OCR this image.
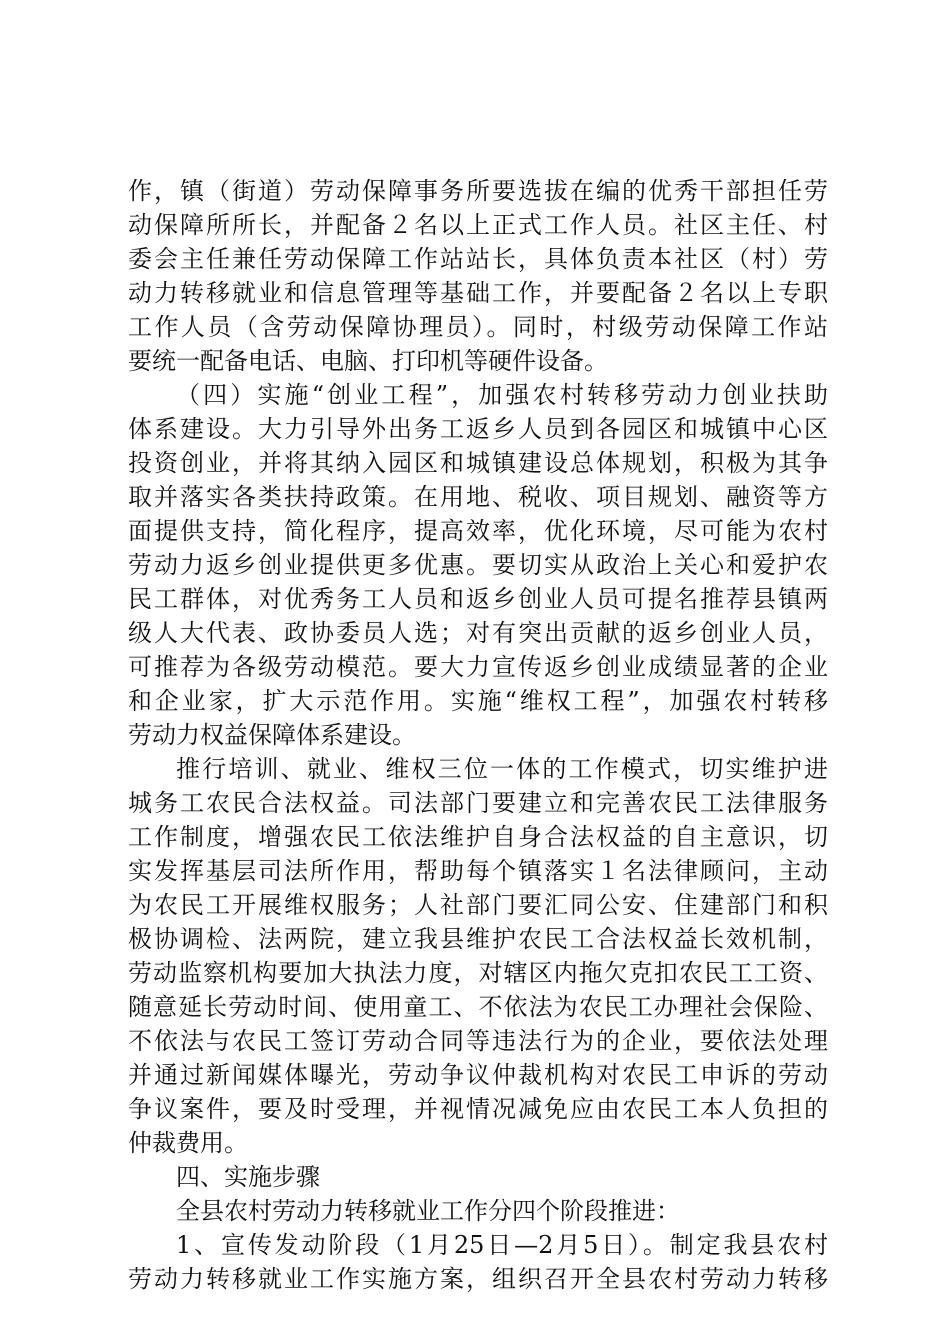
作，镇（街道）劳动保障事务所要选拔在编的优秀干部担任劳
动保障所所长，并配备２名以上正式工作人员。社区主任、村
委会主任兼任劳动保障工作站站长，具体负责本社区（村）劳
动力转移就业和信息管理等基础工作，并要配备２名以上专职
工作人员（含劳动保障协理员）。同时，村级劳动保障工作站
要统一配备电话、电脑、打印机等硬件设备。
（四）实施“创业工程”，加强农村转移劳动力创业扶助
体系建设。大力引导外出务工返乡人员到各园区和城镇中心区
投资创业，并将其纳入园区和城镇建设总体规划，积极为其争
取并落实各类扶持政策。在用地、税收、项目规划、融资等方
面提供支持，简化程序，提高效率，优化环境，尽可能为农村
劳动力返乡创业提供更多优惠。要切实从政治上关心和爱护农
民工群体，对优秀务工人员和返乡创业人员可提名推荐县镇两
级人大代表、政协委员人选；对有突出贡献的返乡创业人员，
可推荐为各级劳动模范。要大力宣传返乡创业成绩显著的企业
和企业家，扩大示范作用。实施“维权工程”，加强农村转移
劳动力权益保障体系建设。
推行培训、就业、维权三位一体的工作模式，切实维护进
城务工农民合法权益。司法部门要建立和完善农民工法律服务
工作制度，增强农民工依法维护自身合法权益的自主意识，切
实发挥基层司法所作用，帮助每个镇落实１名法律顾问，主动
为农民工开展维权服务；人社部门要汇同公安、住建部门和积
极协调检、法两院，建立我县维护农民工合法权益长效机制，
劳动监察机构要加大执法力度，对辖区内拖欠克扣农民工工资、
随意延长劳动时间、使用童工、不依法为农民工办理社会保险、
不依法与农民工签订劳动合同等违法行为的企业，要依法处理
并通过新闻媒体曝光，劳动争议仲裁机构对农民工申诉的劳动
争议案件，要及时受理，并视情况减免应由农民工本人负担的
仲裁费用。
四、实施步骤
全县农村劳动力转移就业工作分四个阶段推进：
1、宣传发动阶段（1月25日—2月5日）。制定我县农村
劳动力转移就业工作实施方案，组织召开全县农村劳动力转移
